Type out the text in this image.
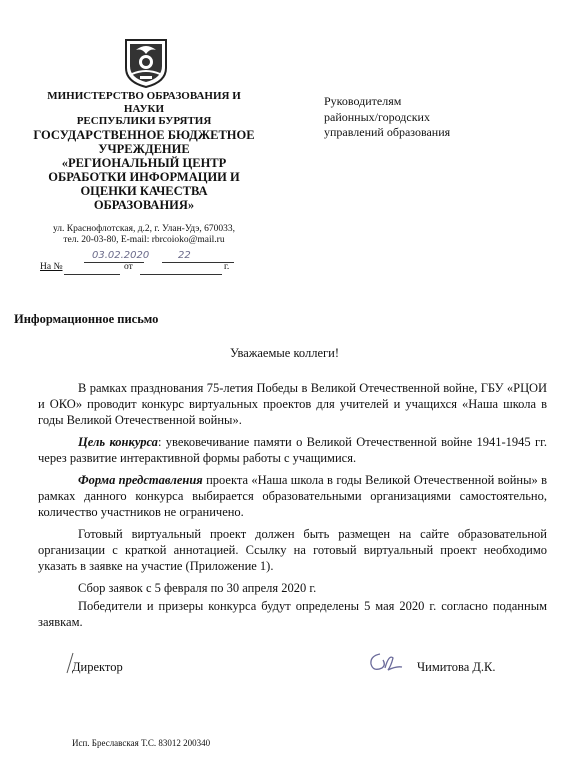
МИНИСТЕРСТВО ОБРАЗОВАНИЯ И НАУКИ
РЕСПУБЛИКИ БУРЯТИЯ
ГОСУДАРСТВЕННОЕ БЮДЖЕТНОЕ
УЧРЕЖДЕНИЕ
«РЕГИОНАЛЬНЫЙ ЦЕНТР
ОБРАБОТКИ ИНФОРМАЦИИ И
ОЦЕНКИ КАЧЕСТВА
ОБРАЗОВАНИЯ»
ул. Краснофлотская, д.2, г. Улан-Удэ, 670033,
тел. 20-03-80, E-mail: rbrcoioko@mail.ru
03.02.2020	22
На №	от	г.
Руководителям
районных/городских
управлений образования
Информационное письмо
Уважаемые коллеги!

В рамках празднования 75-летия Победы в Великой Отечественной войне, ГБУ «РЦОИ и ОКО» проводит конкурс виртуальных проектов для учителей и учащихся «Наша школа в годы Великой Отечественной войны».

Цель конкурса: увековечивание памяти о Великой Отечественной войне 1941-1945 гг. через развитие интерактивной формы работы с учащимися.

Форма представления проекта «Наша школа в годы Великой Отечественной войны» в рамках данного конкурса выбирается образовательными организациями самостоятельно, количество участников не ограничено.

Готовый виртуальный проект должен быть размещен на сайте образовательной организации с краткой аннотацией. Ссылку на готовый виртуальный проект необходимо указать в заявке на участие (Приложение 1).

Сбор заявок с 5 февраля по 30 апреля 2020 г.

Победители и призеры конкурса будут определены 5 мая 2020 г. согласно поданным заявкам.

Директор	Чимитова Д.К.
Исп. Бреславская Т.С. 83012 200340
